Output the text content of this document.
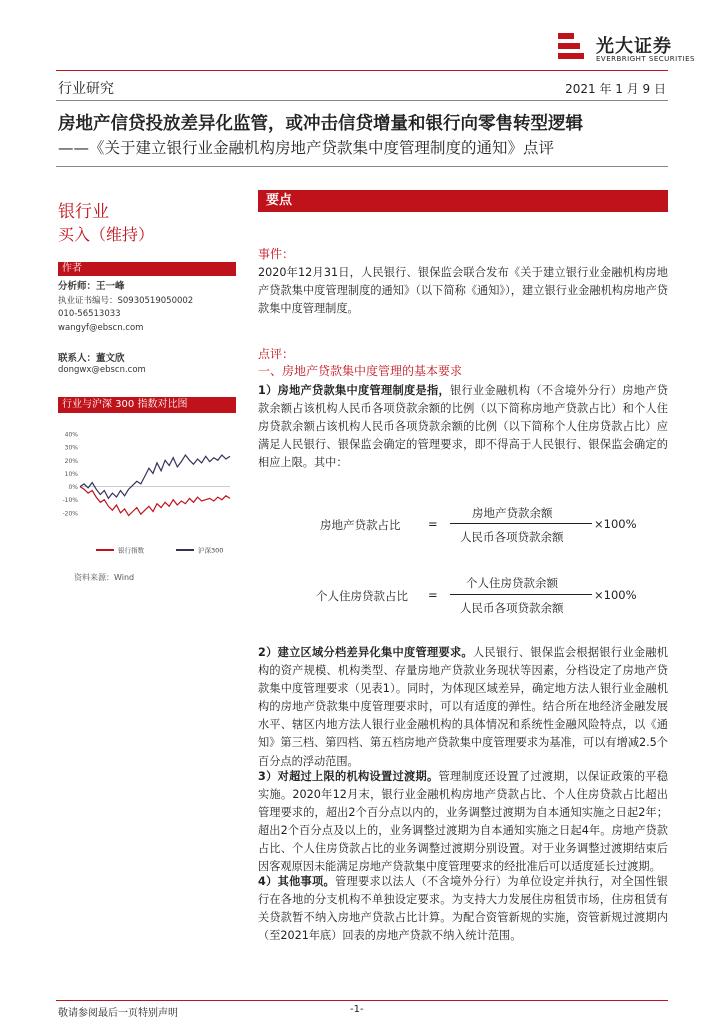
光大证券
EVERBRIGHT SECURITIES
行业研究	2021 年 1 月 9 日
房地产信贷投放差异化监管，或冲击信贷增量和银行向零售转型逻辑
——《关于建立银行业金融机构房地产贷款集中度管理制度的通知》点评
银行业
买入（维持）
作者
分析师：王一峰
执业证书编号：S0930519050002
010-56513033
wangyf@ebscn.com
联系人：董文欣
dongwx@ebscn.com
行业与沪深 300 指数对比图
40%
30%
20%
10%
0%
-10%
-20%
银行指数	沪深300
资料来源：Wind
要点
事件：
2020年12月31日，人民银行、银保监会联合发布《关于建立银行业金融机构房地产贷款集中度管理制度的通知》（以下简称《通知》），建立银行业金融机构房地产贷款集中度管理制度。
点评：
一、房地产贷款集中度管理的基本要求
1）房地产贷款集中度管理制度是指，银行业金融机构（不含境外分行）房地产贷款余额占该机构人民币各项贷款余额的比例（以下简称房地产贷款占比）和个人住房贷款余额占该机构人民币各项贷款余额的比例（以下简称个人住房贷款占比）应满足人民银行、银保监会确定的管理要求，即不得高于人民银行、银保监会确定的相应上限。其中：
房地产贷款占比 =
房地产贷款余额
人民币各项贷款余额
×100%
个人住房贷款占比 =
个人住房贷款余额
人民币各项贷款余额
×100%
2）建立区域分档差异化集中度管理要求。人民银行、银保监会根据银行业金融机构的资产规模、机构类型、存量房地产贷款业务现状等因素，分档设定了房地产贷款集中度管理要求（见表1）。同时，为体现区域差异，确定地方法人银行业金融机构的房地产贷款集中度管理要求时，可以有适度的弹性。结合所在地经济金融发展水平、辖区内地方法人银行业金融机构的具体情况和系统性金融风险特点，以《通知》第三档、第四档、第五档房地产贷款集中度管理要求为基准，可以有增减2.5个百分点的浮动范围。
3）对超过上限的机构设置过渡期。管理制度还设置了过渡期，以保证政策的平稳实施。2020年12月末，银行业金融机构房地产贷款占比、个人住房贷款占比超出管理要求的，超出2个百分点以内的，业务调整过渡期为自本通知实施之日起2年；超出2个百分点及以上的，业务调整过渡期为自本通知实施之日起4年。房地产贷款占比、个人住房贷款占比的业务调整过渡期分别设置。对于业务调整过渡期结束后因客观原因未能满足房地产贷款集中度管理要求的经批准后可以适度延长过渡期。
4）其他事项。管理要求以法人（不含境外分行）为单位设定并执行，对全国性银行在各地的分支机构不单独设定要求。为支持大力发展住房租赁市场，住房租赁有关贷款暂不纳入房地产贷款占比计算。为配合资管新规的实施，资管新规过渡期内（至2021年底）回表的房地产贷款不纳入统计范围。
敬请参阅最后一页特别声明	-1-
